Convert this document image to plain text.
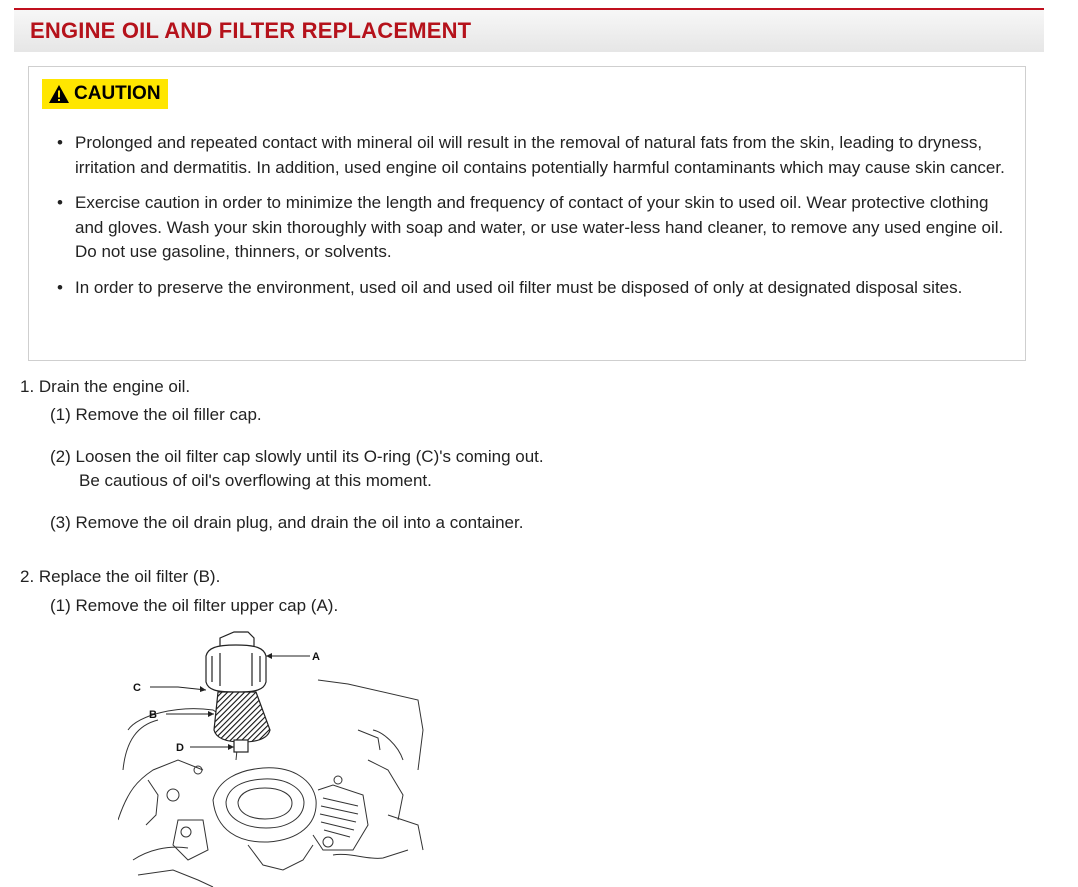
ENGINE OIL AND FILTER REPLACEMENT
CAUTION
• Prolonged and repeated contact with mineral oil will result in the removal of natural fats from the skin, leading to dryness, irritation and dermatitis. In addition, used engine oil contains potentially harmful contaminants which may cause skin cancer.
• Exercise caution in order to minimize the length and frequency of contact of your skin to used oil. Wear protective clothing and gloves. Wash your skin thoroughly with soap and water, or use water-less hand cleaner, to remove any used engine oil. Do not use gasoline, thinners, or solvents.
• In order to preserve the environment, used oil and used oil filter must be disposed of only at designated disposal sites.
1. Drain the engine oil.
(1) Remove the oil filler cap.
(2) Loosen the oil filter cap slowly until its O-ring (C)'s coming out.
Be cautious of oil's overflowing at this moment.
(3) Remove the oil drain plug, and drain the oil into a container.
2. Replace the oil filter (B).
(1) Remove the oil filter upper cap (A).
A
C
B
D
